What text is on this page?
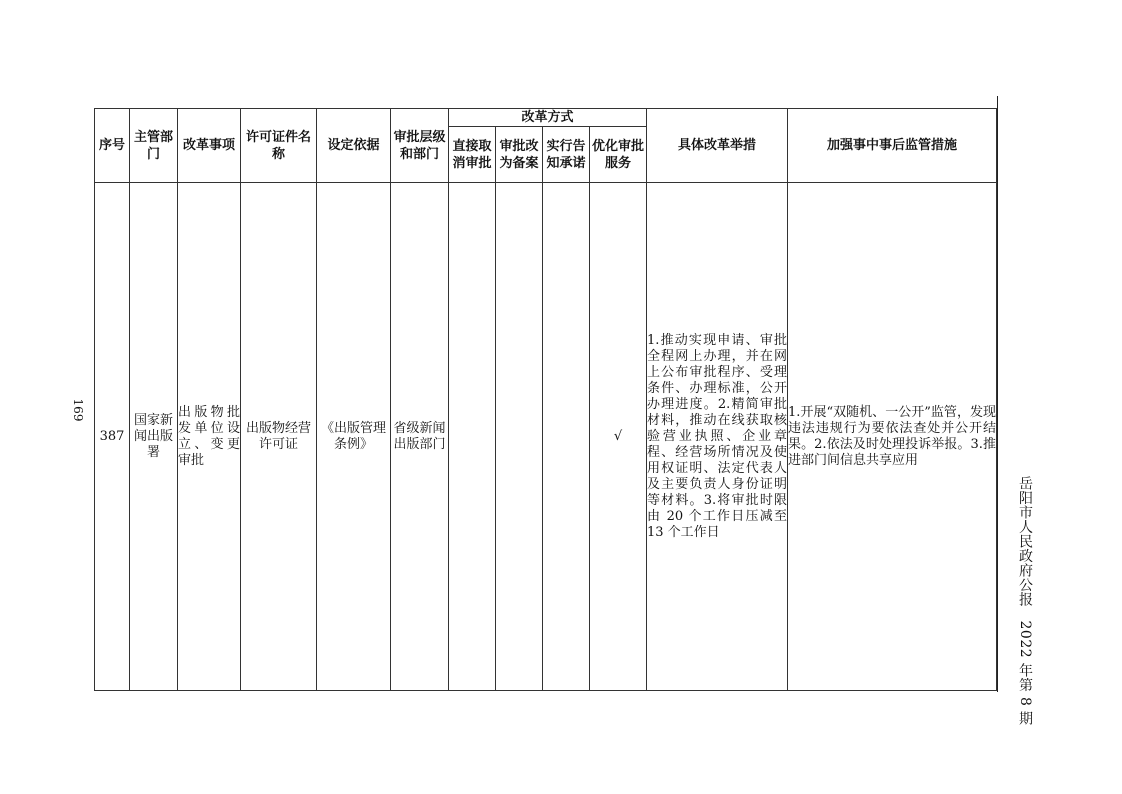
169
岳阳市人民政府公报2022 年第 8 期
序号	主管部门	改革事项	许可证件名称	设定依据	审批层级和部门	改革方式				具体改革举措	加强事中事后监管措施
						直接取消审批	审批改为备案	实行告知承诺	优化审批服务		
387	国家新闻出版署	出版物批发单位设立、变更审批	出版物经营许可证	《出版管理条例》	省级新闻出版部门				√	1.推动实现申请、审批全程网上办理，并在网上公布审批程序、受理条件、办理标准，公开办理进度。2.精简审批材料，推动在线获取核验营业执照、企业章程、经营场所情况及使用权证明、法定代表人及主要负责人身份证明等材料。3.将审批时限由 20 个工作日压减至 13 个工作日	1.开展“双随机、一公开”监管，发现违法违规行为要依法查处并公开结果。2.依法及时处理投诉举报。3.推进部门间信息共享应用
